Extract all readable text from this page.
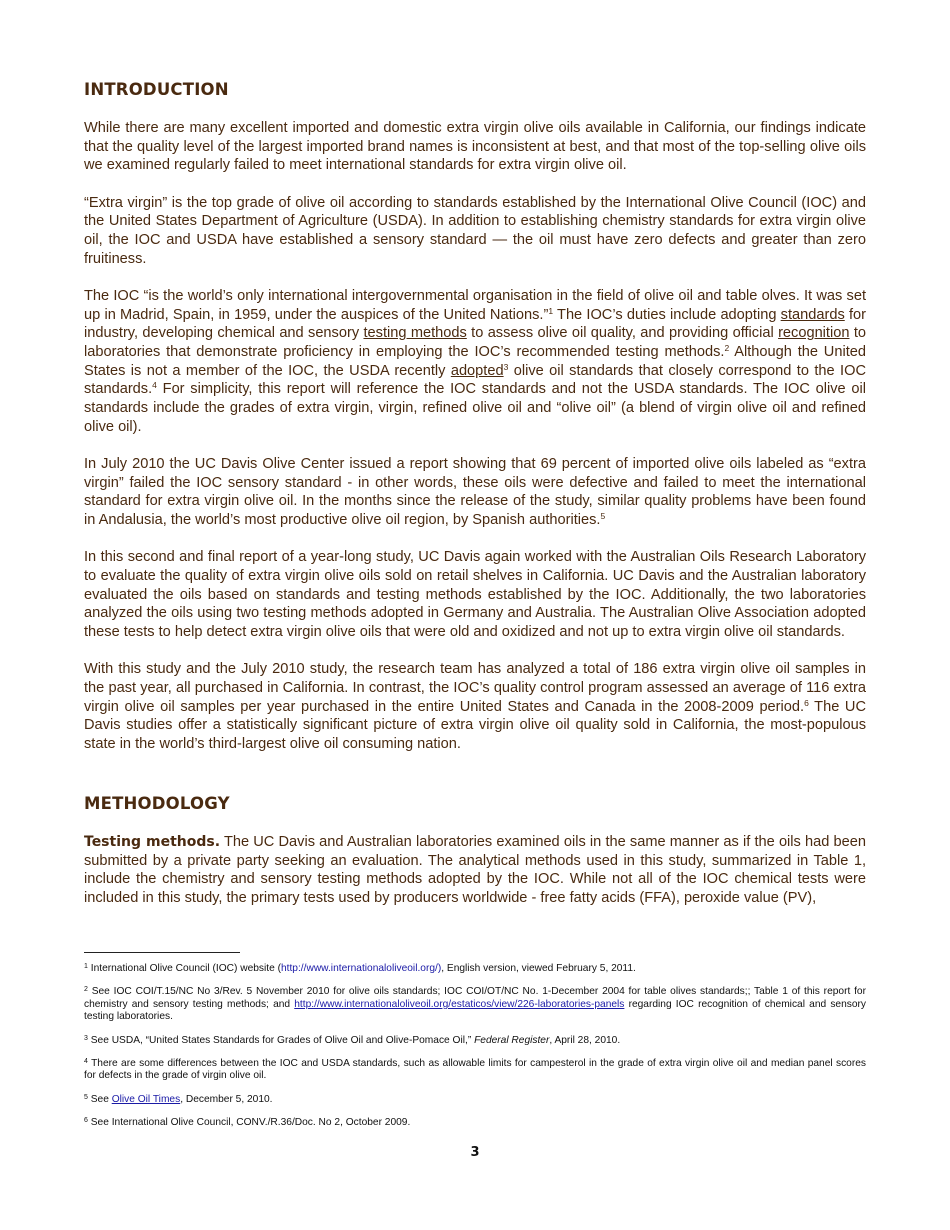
INTRODUCTION

While there are many excellent imported and domestic extra virgin olive oils available in California, our findings indicate that the quality level of the largest imported brand names is inconsistent at best, and that most of the top-selling olive oils we examined regularly failed to meet international standards for extra virgin olive oil.

“Extra virgin” is the top grade of olive oil according to standards established by the International Olive Council (IOC) and the United States Department of Agriculture (USDA). In addition to establishing chemistry standards for extra virgin olive oil, the IOC and USDA have established a sensory standard — the oil must have zero defects and greater than zero fruitiness.

The IOC “is the world’s only international intergovernmental organisation in the field of olive oil and table olves. It was set up in Madrid, Spain, in 1959, under the auspices of the United Nations.”$^1$ The IOC’s duties include adopting standards for industry, developing chemical and sensory testing methods to assess olive oil quality, and providing official recognition to laboratories that demonstrate proficiency in employing the IOC’s recommended testing methods.$^2$ Although the United States is not a member of the IOC, the USDA recently adopted$^3$ olive oil standards that closely correspond to the IOC standards.$^4$ For simplicity, this report will reference the IOC standards and not the USDA standards. The IOC olive oil standards include the grades of extra virgin, virgin, refined olive oil and “olive oil” (a blend of virgin olive oil and refined olive oil).

In July 2010 the UC Davis Olive Center issued a report showing that 69 percent of imported olive oils labeled as “extra virgin” failed the IOC sensory standard - in other words, these oils were defective and failed to meet the international standard for extra virgin olive oil. In the months since the release of the study, similar quality problems have been found in Andalusia, the world’s most productive olive oil region, by Spanish authorities.$^5$

In this second and final report of a year-long study, UC Davis again worked with the Australian Oils Research Laboratory to evaluate the quality of extra virgin olive oils sold on retail shelves in California. UC Davis and the Australian laboratory evaluated the oils based on standards and testing methods established by the IOC. Additionally, the two laboratories analyzed the oils using two testing methods adopted in Germany and Australia. The Australian Olive Association adopted these tests to help detect extra virgin olive oils that were old and oxidized and not up to extra virgin olive oil standards.

With this study and the July 2010 study, the research team has analyzed a total of 186 extra virgin olive oil samples in the past year, all purchased in California. In contrast, the IOC’s quality control program assessed an average of 116 extra virgin olive oil samples per year purchased in the entire United States and Canada in the 2008-2009 period.$^6$ The UC Davis studies offer a statistically significant picture of extra virgin olive oil quality sold in California, the most-populous state in the world’s third-largest olive oil consuming nation.

METHODOLOGY

Testing methods. The UC Davis and Australian laboratories examined oils in the same manner as if the oils had been submitted by a private party seeking an evaluation. The analytical methods used in this study, summarized in Table 1, include the chemistry and sensory testing methods adopted by the IOC. While not all of the IOC chemical tests were included in this study, the primary tests used by producers worldwide - free fatty acids (FFA), peroxide value (PV),

$^1$ International Olive Council (IOC) website (http://www.internationaloliveoil.org/), English version, viewed February 5, 2011.

$^2$ See IOC COI/T.15/NC No 3/Rev. 5 November 2010 for olive oils standards; IOC COI/OT/NC No. 1-December 2004 for table olives standards;; Table 1 of this report for chemistry and sensory testing methods; and http://www.internationaloliveoil.org/estaticos/view/226-laboratories-panels regarding IOC recognition of chemical and sensory testing laboratories.

$^3$ See USDA, “United States Standards for Grades of Olive Oil and Olive-Pomace Oil,” Federal Register, April 28, 2010.

$^4$ There are some differences between the IOC and USDA standards, such as allowable limits for campesterol in the grade of extra virgin olive oil and median panel scores for defects in the grade of virgin olive oil.

$^5$ See Olive Oil Times, December 5, 2010.

$^6$ See International Olive Council, CONV./R.36/Doc. No 2, October 2009.

3
